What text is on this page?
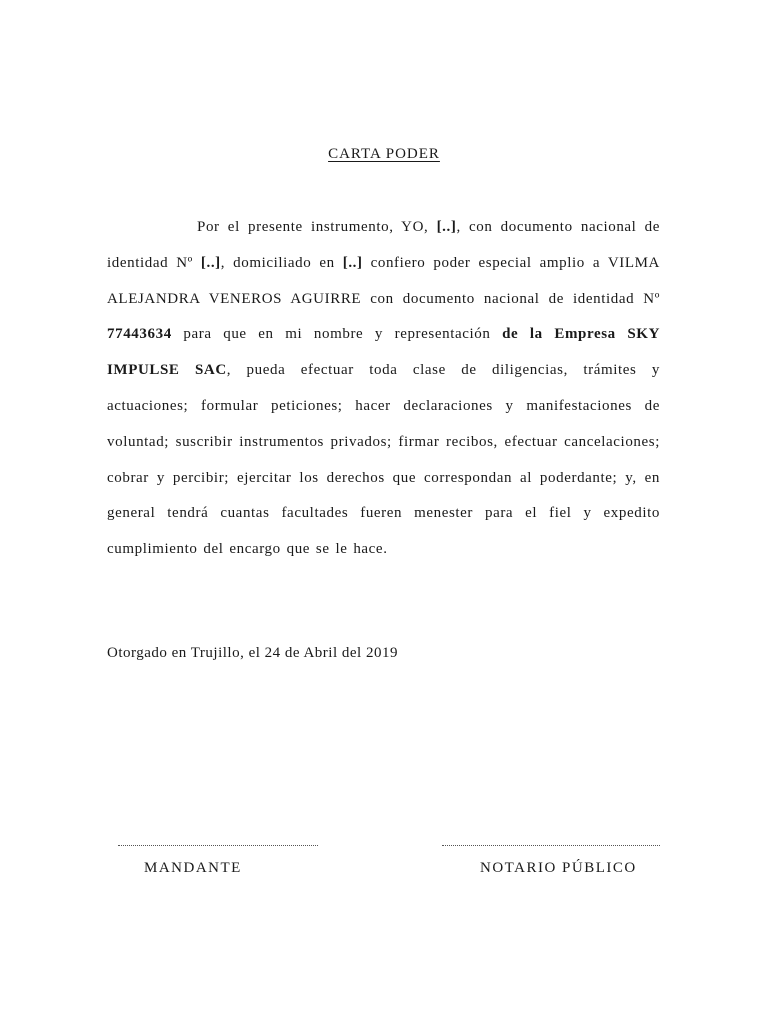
CARTA PODER

Por el presente instrumento, YO, [..], con documento nacional de identidad Nº [..], domiciliado en [..] confiero poder especial amplio a VILMA ALEJANDRA VENEROS AGUIRRE con documento nacional de identidad Nº 77443634 para que en mi nombre y representación de la Empresa SKY IMPULSE SAC, pueda efectuar toda clase de diligencias, trámites y actuaciones; formular peticiones; hacer declaraciones y manifestaciones de voluntad; suscribir instrumentos privados; firmar recibos, efectuar cancelaciones; cobrar y percibir; ejercitar los derechos que correspondan al poderdante; y, en general tendrá cuantas facultades fueren menester para el fiel y expedito cumplimiento del encargo que se le hace.

Otorgado en Trujillo, el 24 de Abril del 2019

MANDANTE	NOTARIO PÚBLICO
